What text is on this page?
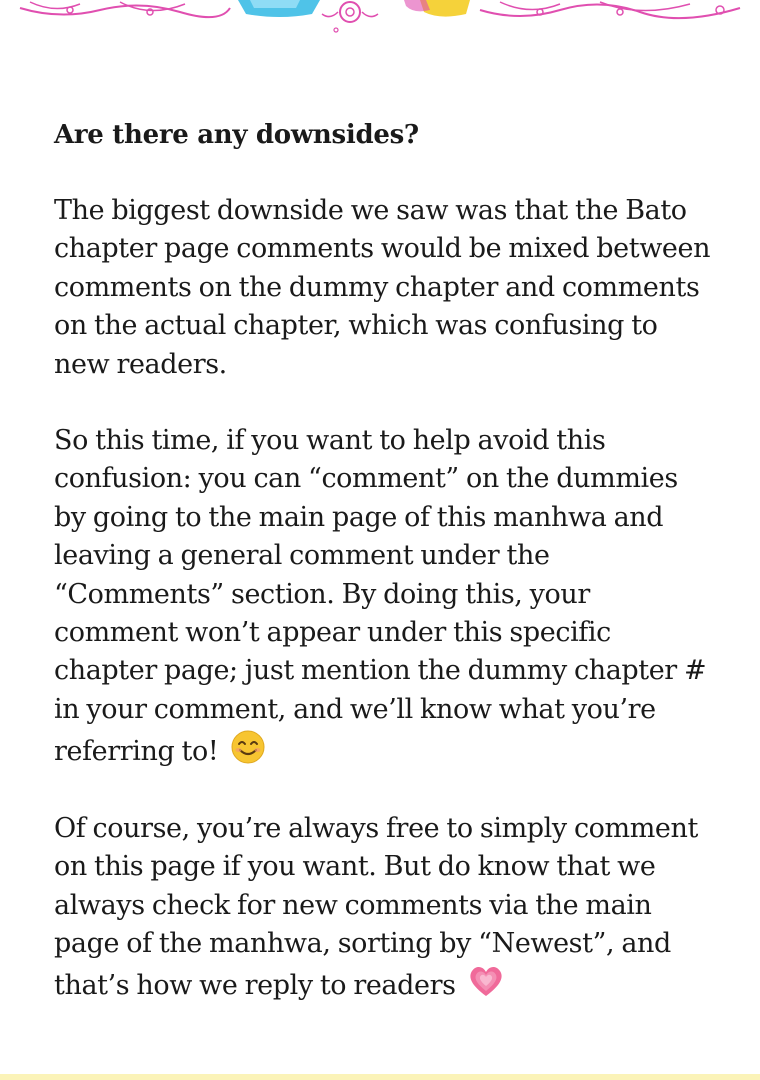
Are there any downsides?

The biggest downside we saw was that the Bato chapter page comments would be mixed between comments on the dummy chapter and comments on the actual chapter, which was confusing to new readers.

So this time, if you want to help avoid this confusion: you can “comment” on the dummies by going to the main page of this manhwa and leaving a general comment under the “Comments” section. By doing this, your comment won’t appear under this specific chapter page; just mention the dummy chapter # in your comment, and we’ll know what you’re referring to!

Of course, you’re always free to simply comment on this page if you want. But do know that we always check for new comments via the main page of the manhwa, sorting by “Newest”, and that’s how we reply to readers
